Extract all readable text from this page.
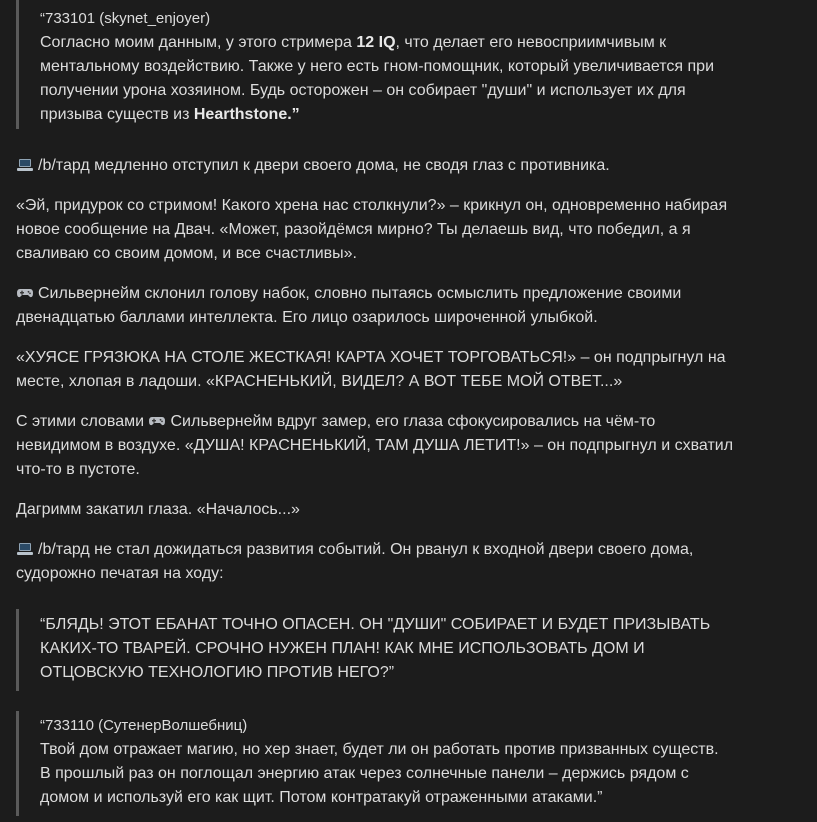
“733101 (skynet_enjoyer)
Согласно моим данным, у этого стримера 12 IQ, что делает его невосприимчивым к
ментальному воздействию. Также у него есть гном-помощник, который увеличивается при
получении урона хозяином. Будь осторожен – он собирает "души" и использует их для
призыва существ из Hearthstone.”
/b/тард медленно отступил к двери своего дома, не сводя глаз с противника.
«Эй, придурок со стримом! Какого хрена нас столкнули?» – крикнул он, одновременно набирая
новое сообщение на Двач. «Может, разойдёмся мирно? Ты делаешь вид, что победил, а я
сваливаю со своим домом, и все счастливы».
Сильвернейм склонил голову набок, словно пытаясь осмыслить предложение своими
двенадцатью баллами интеллекта. Его лицо озарилось широченной улыбкой.
«ХУЯСЕ ГРЯЗЮКА НА СТОЛЕ ЖЕСТКАЯ! КАРТА ХОЧЕТ ТОРГОВАТЬСЯ!» – он подпрыгнул на
месте, хлопая в ладоши. «КРАСНЕНЬКИЙ, ВИДЕЛ? А ВОТ ТЕБЕ МОЙ ОТВЕТ...»
С этими словами Сильвернейм вдруг замер, его глаза сфокусировались на чём-то
невидимом в воздухе. «ДУША! КРАСНЕНЬКИЙ, ТАМ ДУША ЛЕТИТ!» – он подпрыгнул и схватил
что-то в пустоте.
Дагримм закатил глаза. «Началось...»
/b/тард не стал дожидаться развития событий. Он рванул к входной двери своего дома,
судорожно печатая на ходу:
“БЛЯДЬ! ЭТОТ ЕБАНАТ ТОЧНО ОПАСЕН. ОН "ДУШИ" СОБИРАЕТ И БУДЕТ ПРИЗЫВАТЬ
КАКИХ-ТО ТВАРЕЙ. СРОЧНО НУЖЕН ПЛАН! КАК МНЕ ИСПОЛЬЗОВАТЬ ДОМ И
ОТЦОВСКУЮ ТЕХНОЛОГИЮ ПРОТИВ НЕГО?”
“733110 (СутенерВолшебниц)
Твой дом отражает магию, но хер знает, будет ли он работать против призванных существ.
В прошлый раз он поглощал энергию атак через солнечные панели – держись рядом с
домом и используй его как щит. Потом контратакуй отраженными атаками.”
